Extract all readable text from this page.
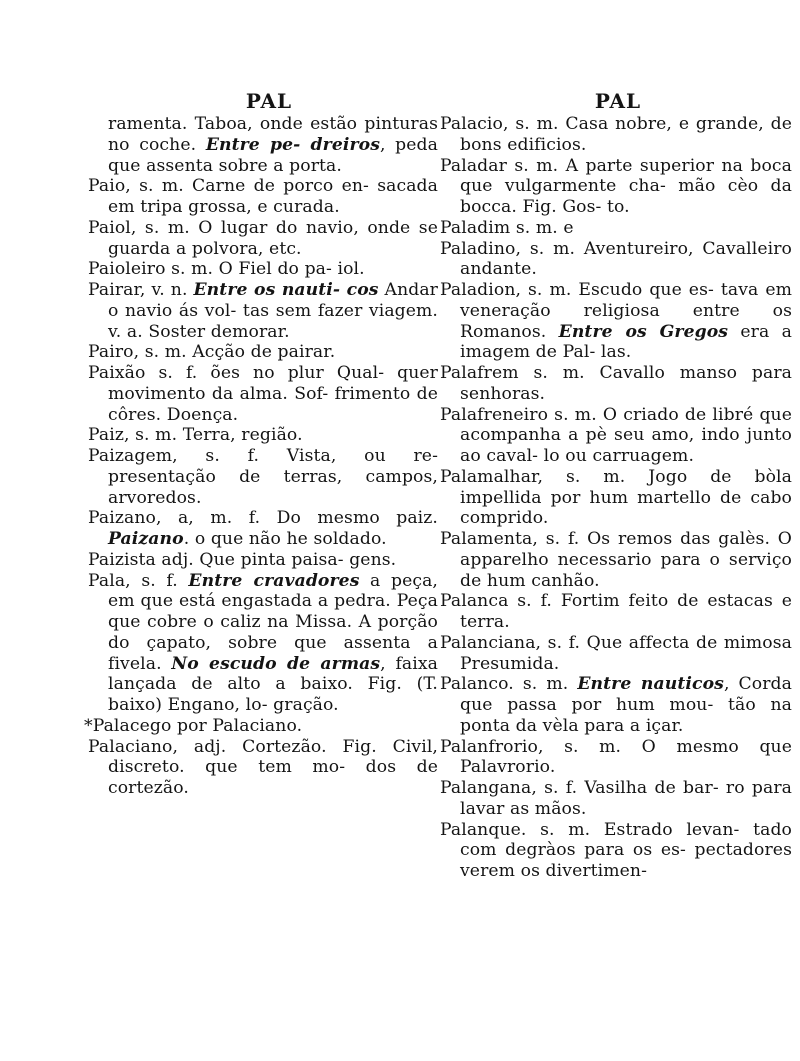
PAL

ramenta. Taboa, onde estão pinturas no coche. Entre pe- dreiros, peda que assenta sobre a porta.

Paio, s. m. Carne de porco en- sacada em tripa grossa, e curada.

Paiol, s. m. O lugar do navio, onde se guarda a polvora, etc.

Paioleiro s. m. O Fiel do pa- iol.

Pairar, v. n. Entre os nauti- cos Andar o navio ás vol- tas sem fazer viagem. v. a. Soster demorar.

Pairo, s. m. Acção de pairar.

Paixão s. f. ões no plur Qual- quer movimento da alma. Sof- frimento de côres. Doença.

Paiz, s. m. Terra, região.

Paizagem, s. f. Vista, ou re- presentação de terras, campos, arvoredos.

Paizano, a, m. f. Do mesmo paiz. Paizano. o que não he soldado.

Paizista adj. Que pinta paisa- gens.

Pala, s. f. Entre cravadores a peça, em que está engastada a pedra. Peça que cobre o caliz na Missa. A porção do çapato, sobre que assenta a fivela. No escudo de armas, faixa lançada de alto a baixo. Fig. (T. baixo) Engano, lo- gração.

*Palacego por Palaciano.

Palaciano, adj. Cortezão. Fig. Civil, discreto. que tem mo- dos de cortezão.

PAL

Palacio, s. m. Casa nobre, e grande, de bons edificios.

Paladar s. m. A parte superior na boca que vulgarmente cha- mão cèo da bocca. Fig. Gos- to.

Paladim s. m. e

Paladino, s. m. Aventureiro, Cavalleiro andante.

Paladion, s. m. Escudo que es- tava em veneração religiosa entre os Romanos. Entre os Gregos era a imagem de Pal- las.

Palafrem s. m. Cavallo manso para senhoras.

Palafreneiro s. m. O criado de libré que acompanha a pè seu amo, indo junto ao caval- lo ou carruagem.

Palamalhar, s. m. Jogo de bòla impellida por hum martello de cabo comprido.

Palamenta, s. f. Os remos das galès. O apparelho necessario para o serviço de hum canhão.

Palanca s. f. Fortim feito de estacas e terra.

Palanciana, s. f. Que affecta de mimosa Presumida.

Palanco. s. m. Entre nauticos, Corda que passa por hum mou- tão na ponta da vèla para a içar.

Palanfrorio, s. m. O mesmo que Palavrorio.

Palangana, s. f. Vasilha de bar- ro para lavar as mãos.

Palanque. s. m. Estrado levan- tado com degràos para os es- pectadores verem os divertimen-
